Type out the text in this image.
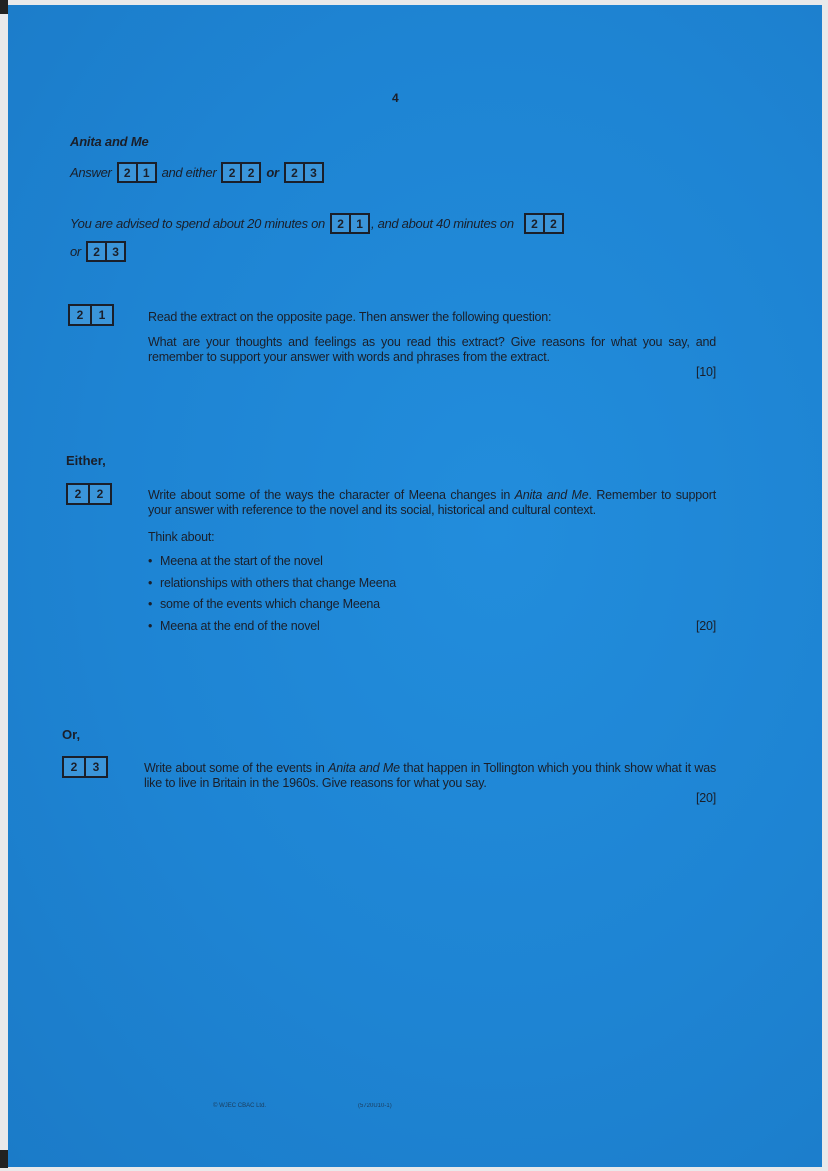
4
Anita and Me
Answer	2	1 and either	2	2 or	2	3
You are advised to spend about 20 minutes on	2	1 , and about 40 minutes on	2	2
or	2	3
2	1	Read the extract on the opposite page. Then answer the following question:
What are your thoughts and feelings as you read this extract? Give reasons for what you say, and remember to support your answer with words and phrases from the extract.
[10]
Either,
2	2	Write about some of the ways the character of Meena changes in Anita and Me. Remember to support your answer with reference to the novel and its social, historical and cultural context.
Think about:
• Meena at the start of the novel
• relationships with others that change Meena
• some of the events which change Meena
• Meena at the end of the novel	[20]
Or,
2	3	Write about some of the events in Anita and Me that happen in Tollington which you think show what it was like to live in Britain in the 1960s. Give reasons for what you say.
[20]
© WJEC CBAC Ltd.	(5720U10-1)
